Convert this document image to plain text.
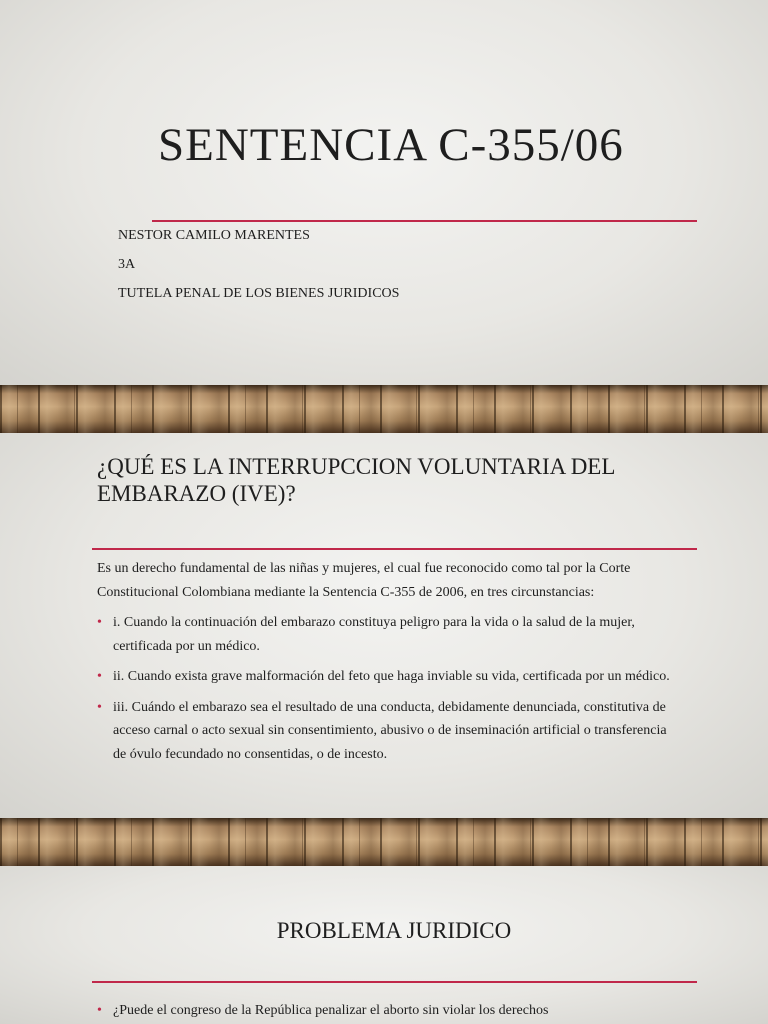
SENTENCIA C-355/06

NESTOR CAMILO MARENTES

3A

TUTELA PENAL DE LOS BIENES JURIDICOS

¿QUÉ ES LA INTERRUPCCION VOLUNTARIA DEL EMBARAZO (IVE)?

Es un derecho fundamental de las niñas y mujeres, el cual fue reconocido como tal por la Corte Constitucional Colombiana mediante la Sentencia C-355 de 2006, en tres circunstancias:

• i. Cuando la continuación del embarazo constituya peligro para la vida o la salud de la mujer, certificada por un médico.
• ii. Cuando exista grave malformación del feto que haga inviable su vida, certificada por un médico.
• iii. Cuándo el embarazo sea el resultado de una conducta, debidamente denunciada, constitutiva de acceso carnal o acto sexual sin consentimiento, abusivo o de inseminación artificial o transferencia de óvulo fecundado no consentidas, o de incesto.
PROBLEMA JURIDICO
• ¿Puede el congreso de la República penalizar el aborto sin violar los derechos
